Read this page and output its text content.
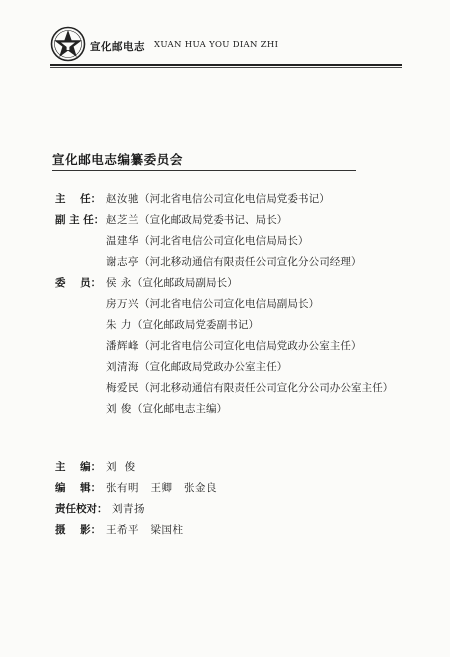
宣化邮电志 XUAN HUA YOU DIAN ZHI
宣化邮电志编纂委员会
主    任： 赵汝驰（河北省电信公司宣化电信局党委书记）
副 主 任： 赵芝兰（宣化邮政局党委书记、局长）
温建华（河北省电信公司宣化电信局局长）
谢志亭（河北移动通信有限责任公司宣化分公司经理）
委    员： 侯 永（宣化邮政局副局长）
房万兴（河北省电信公司宣化电信局副局长）
朱 力（宣化邮政局党委副书记）
潘辉峰（河北省电信公司宣化电信局党政办公室主任）
刘清海（宣化邮政局党政办公室主任）
梅爱民（河北移动通信有限责任公司宣化分公司办公室主任）
刘 俊（宣化邮电志主编）
主    编： 刘  俊
编    辑： 张有明   王卿   张金良
责任校对： 刘青扬
摄    影： 王希平   梁国柱
